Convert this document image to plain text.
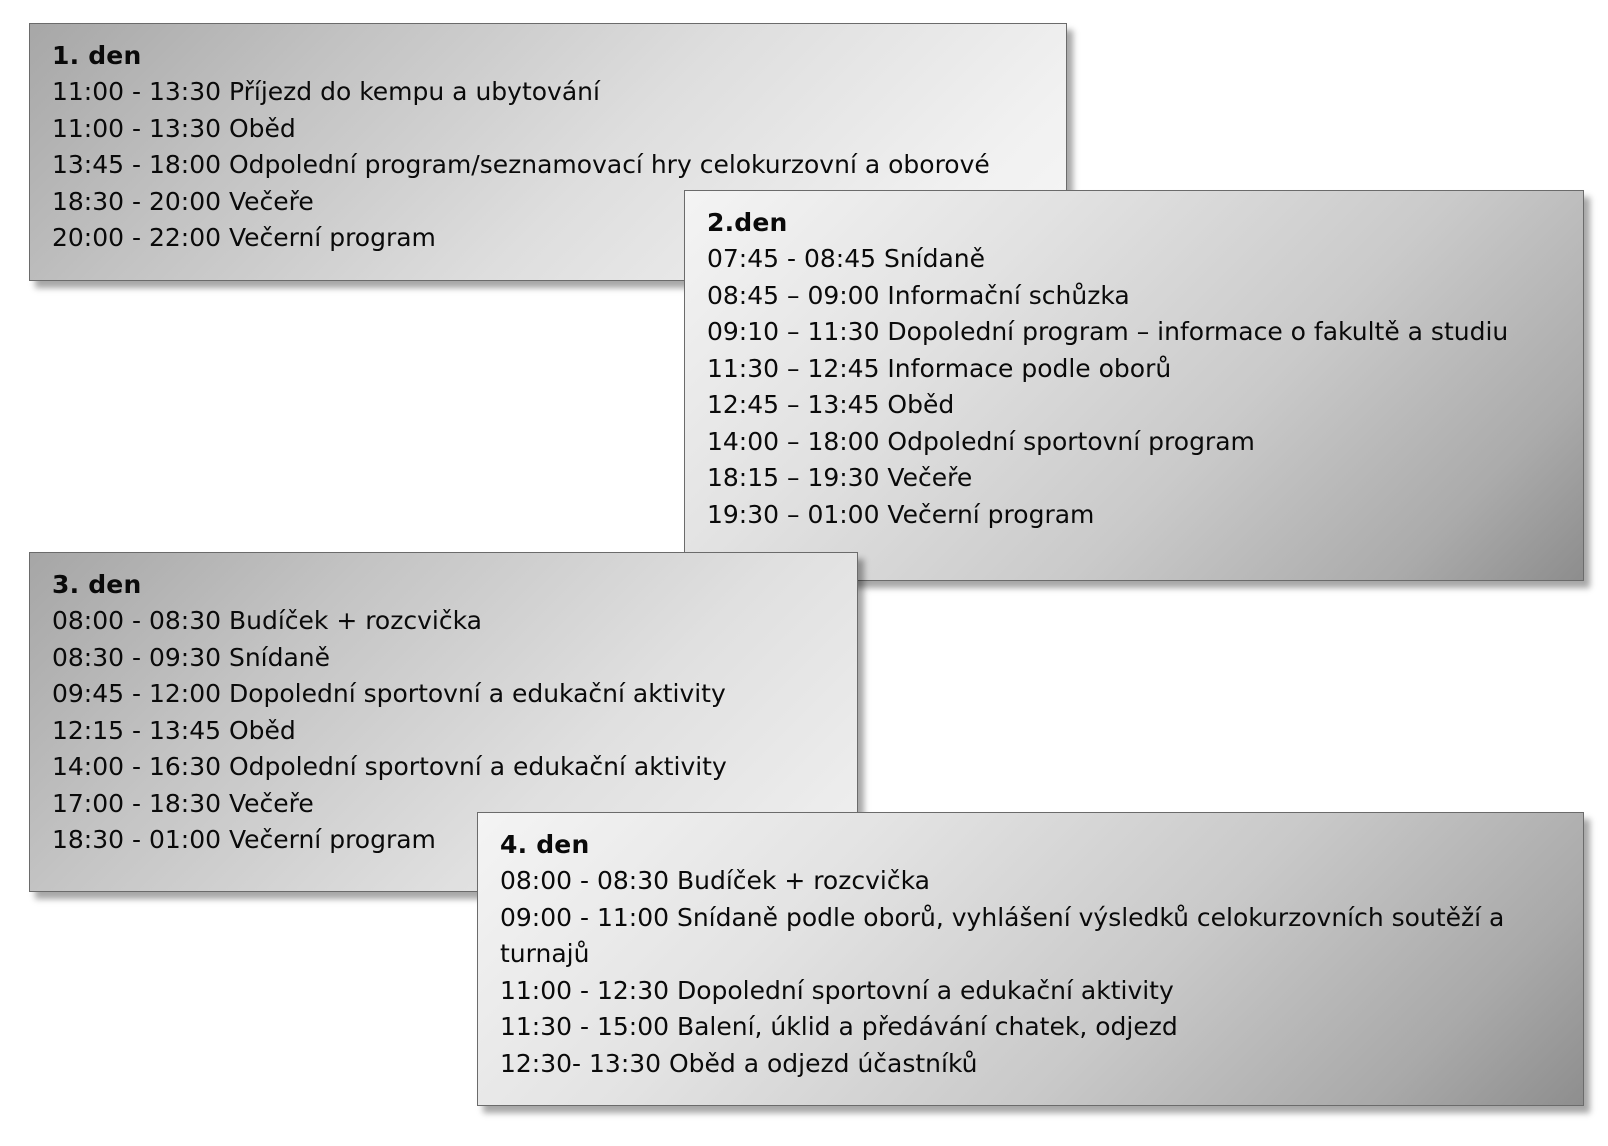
1. den
11:00 - 13:30 Příjezd do kempu a ubytování
11:00 - 13:30 Oběd
13:45 - 18:00 Odpolední program/seznamovací hry celokurzovní a oborové
18:30 - 20:00 Večeře
20:00 - 22:00 Večerní program
2.den
07:45 - 08:45 Snídaně
08:45 – 09:00 Informační schůzka
09:10 – 11:30 Dopolední program – informace o fakultě a studiu
11:30 – 12:45 Informace podle oborů
12:45 – 13:45 Oběd
14:00 – 18:00 Odpolední sportovní program
18:15 – 19:30 Večeře
19:30 – 01:00 Večerní program
3. den
08:00 - 08:30 Budíček + rozcvička
08:30 - 09:30 Snídaně
09:45 - 12:00 Dopolední sportovní a edukační aktivity
12:15 - 13:45 Oběd
14:00 - 16:30 Odpolední sportovní a edukační aktivity
17:00 - 18:30 Večeře
18:30 - 01:00 Večerní program	4. den
08:00 - 08:30 Budíček + rozcvička
09:00 - 11:00 Snídaně podle oborů, vyhlášení výsledků celokurzovních soutěží a turnajů
11:00 - 12:30 Dopolední sportovní a edukační aktivity
11:30 - 15:00 Balení, úklid a předávání chatek, odjezd
12:30- 13:30 Oběd a odjezd účastníků
